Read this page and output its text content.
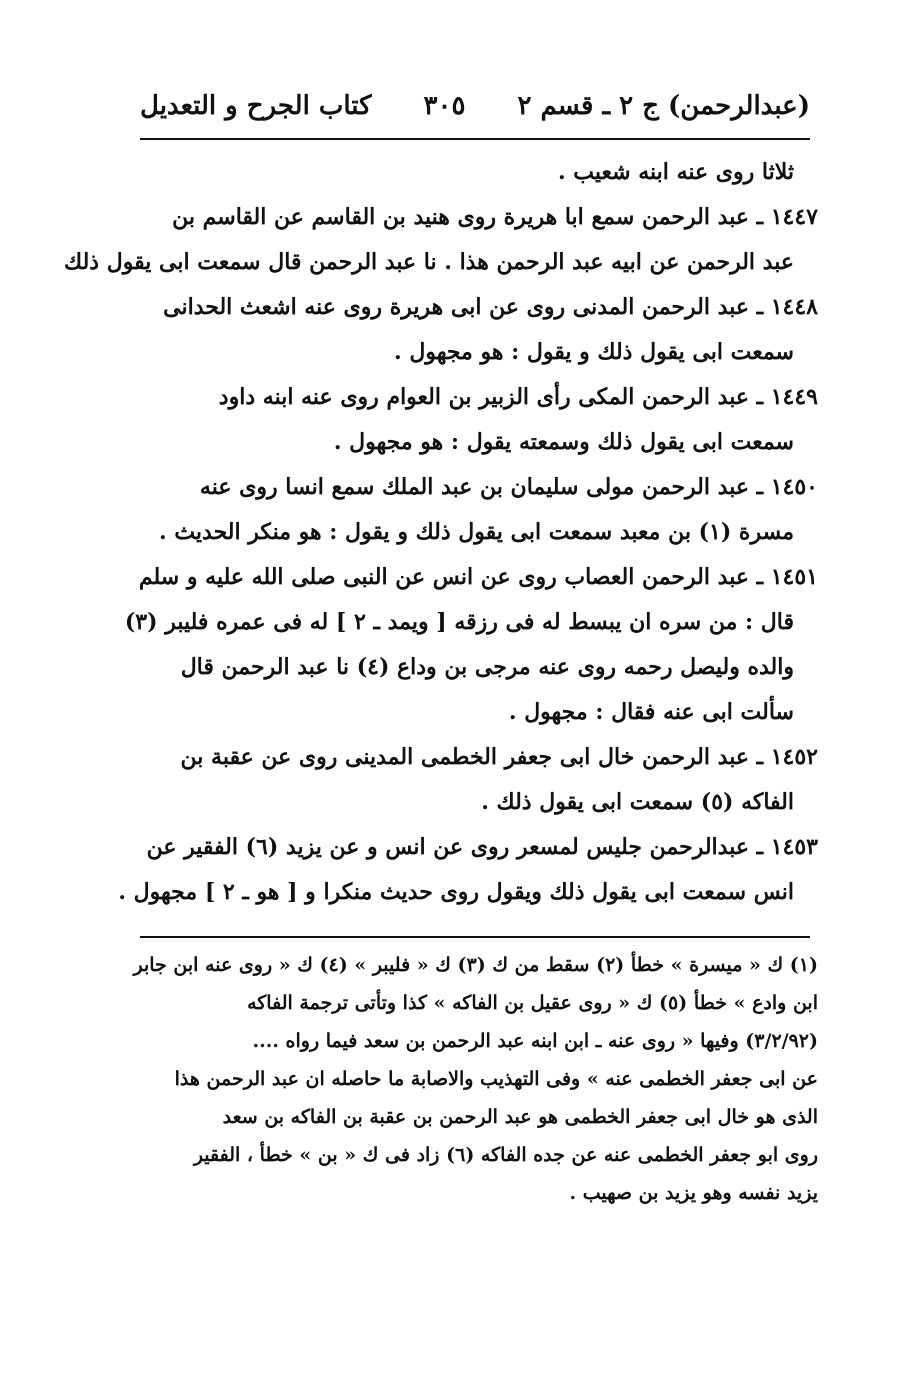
كتاب الجرح و التعديل ٣٠٥ (عبدالرحمن) ج ٢ ـ قسم ٢
ثلاثا روى عنه ابنه شعيب .
١٤٤٧ ـ عبد الرحمن سمع ابا هريرة روى هنيد بن القاسم عن القاسم بن
عبد الرحمن عن ابيه عبد الرحمن هذا . نا عبد الرحمن قال سمعت ابى يقول ذلك
١٤٤٨ ـ عبد الرحمن المدنى روى عن ابى هريرة روى عنه اشعث الحدانى
سمعت ابى يقول ذلك و يقول : هو مجهول .
١٤٤٩ ـ عبد الرحمن المكى رأى الزبير بن العوام روى عنه ابنه داود
سمعت ابى يقول ذلك وسمعته يقول : هو مجهول .
١٤٥٠ ـ عبد الرحمن مولى سليمان بن عبد الملك سمع انسا روى عنه
مسرة (١) بن معبد سمعت ابى يقول ذلك و يقول : هو منكر الحديث .
١٤٥١ ـ عبد الرحمن العصاب روى عن انس عن النبى صلى الله عليه و سلم
قال : من سره ان يبسط له فى رزقه [ ويمد ـ ٢ ] له فى عمره فليبر (٣)
والده وليصل رحمه روى عنه مرجى بن وداع (٤) نا عبد الرحمن قال
سألت ابى عنه فقال : مجهول .
١٤٥٢ ـ عبد الرحمن خال ابى جعفر الخطمى المدينى روى عن عقبة بن
الفاكه (٥) سمعت ابى يقول ذلك .
١٤٥٣ ـ عبدالرحمن جليس لمسعر روى عن انس و عن يزيد (٦) الفقير عن
انس سمعت ابى يقول ذلك ويقول روى حديث منكرا و [ هو ـ ٢ ] مجهول .
(١) ك « ميسرة » خطأ (٢) سقط من ك (٣) ك « فليبر » (٤) ك « روى عنه ابن جابر
ابن وادع » خطأ (٥) ك « روى عقيل بن الفاكه » كذا وتأتى ترجمة الفاكه
(٣/٢/٩٢) وفيها « روى عنه ـ ابن ابنه عبد الرحمن بن سعد فيما رواه ....
عن ابى جعفر الخطمى عنه » وفى التهذيب والاصابة ما حاصله ان عبد الرحمن هذا
الذى هو خال ابى جعفر الخطمى هو عبد الرحمن بن عقبة بن الفاكه بن سعد
روى ابو جعفر الخطمى عنه عن جده الفاكه (٦) زاد فى ك « بن » خطأ ، الفقير
يزيد نفسه وهو يزيد بن صهيب .
